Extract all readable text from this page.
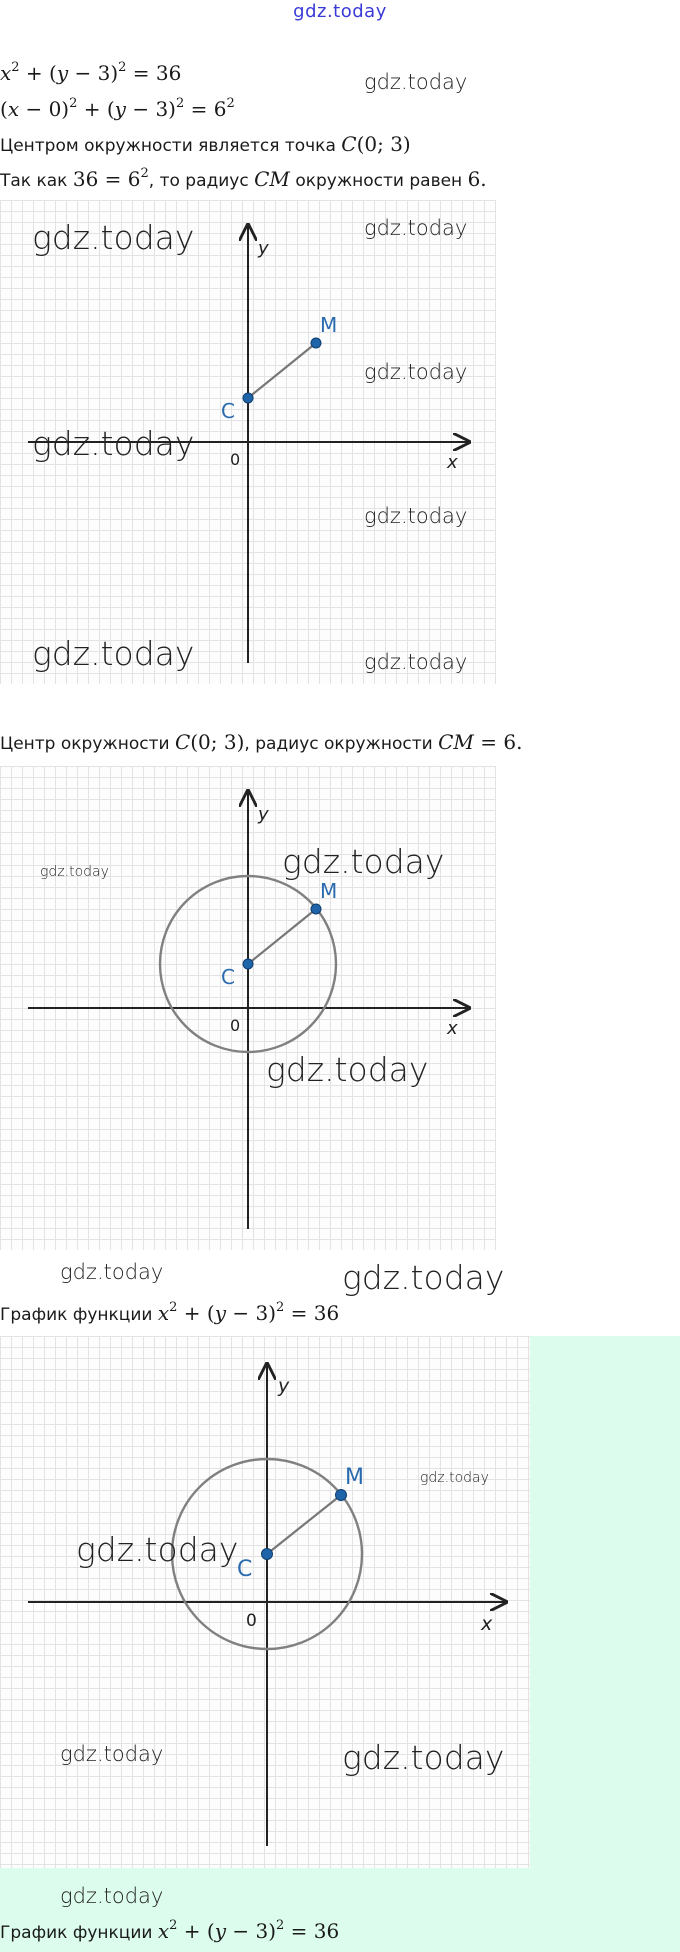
gdz.today
$x^2 + (y - 3)^2 = 36$
$(x - 0)^2 + (y - 3)^2 = 6^2$
gdz.today
Центром окружности является точка C(0; 3)
Так как $36 = 6^2$, то радиус CM окружности равен 6.
C
M
0	x
y
gdz.today	gdz.today
gdz.today
gdz.today
gdz.today
gdz.today	gdz.today
Центр окружности C(0; 3), радиус окружности CM = 6.
C
M
0	x
y
gdz.today	gdz.today
gdz.today
gdz.today	gdz.today
График функции $x^2 + (y - 3)^2 = 36$
C
M
0	x
y
gdz.today
gdz.today
gdz.today	gdz.today
gdz.today
График функции $x^2 + (y - 3)^2 = 36$
